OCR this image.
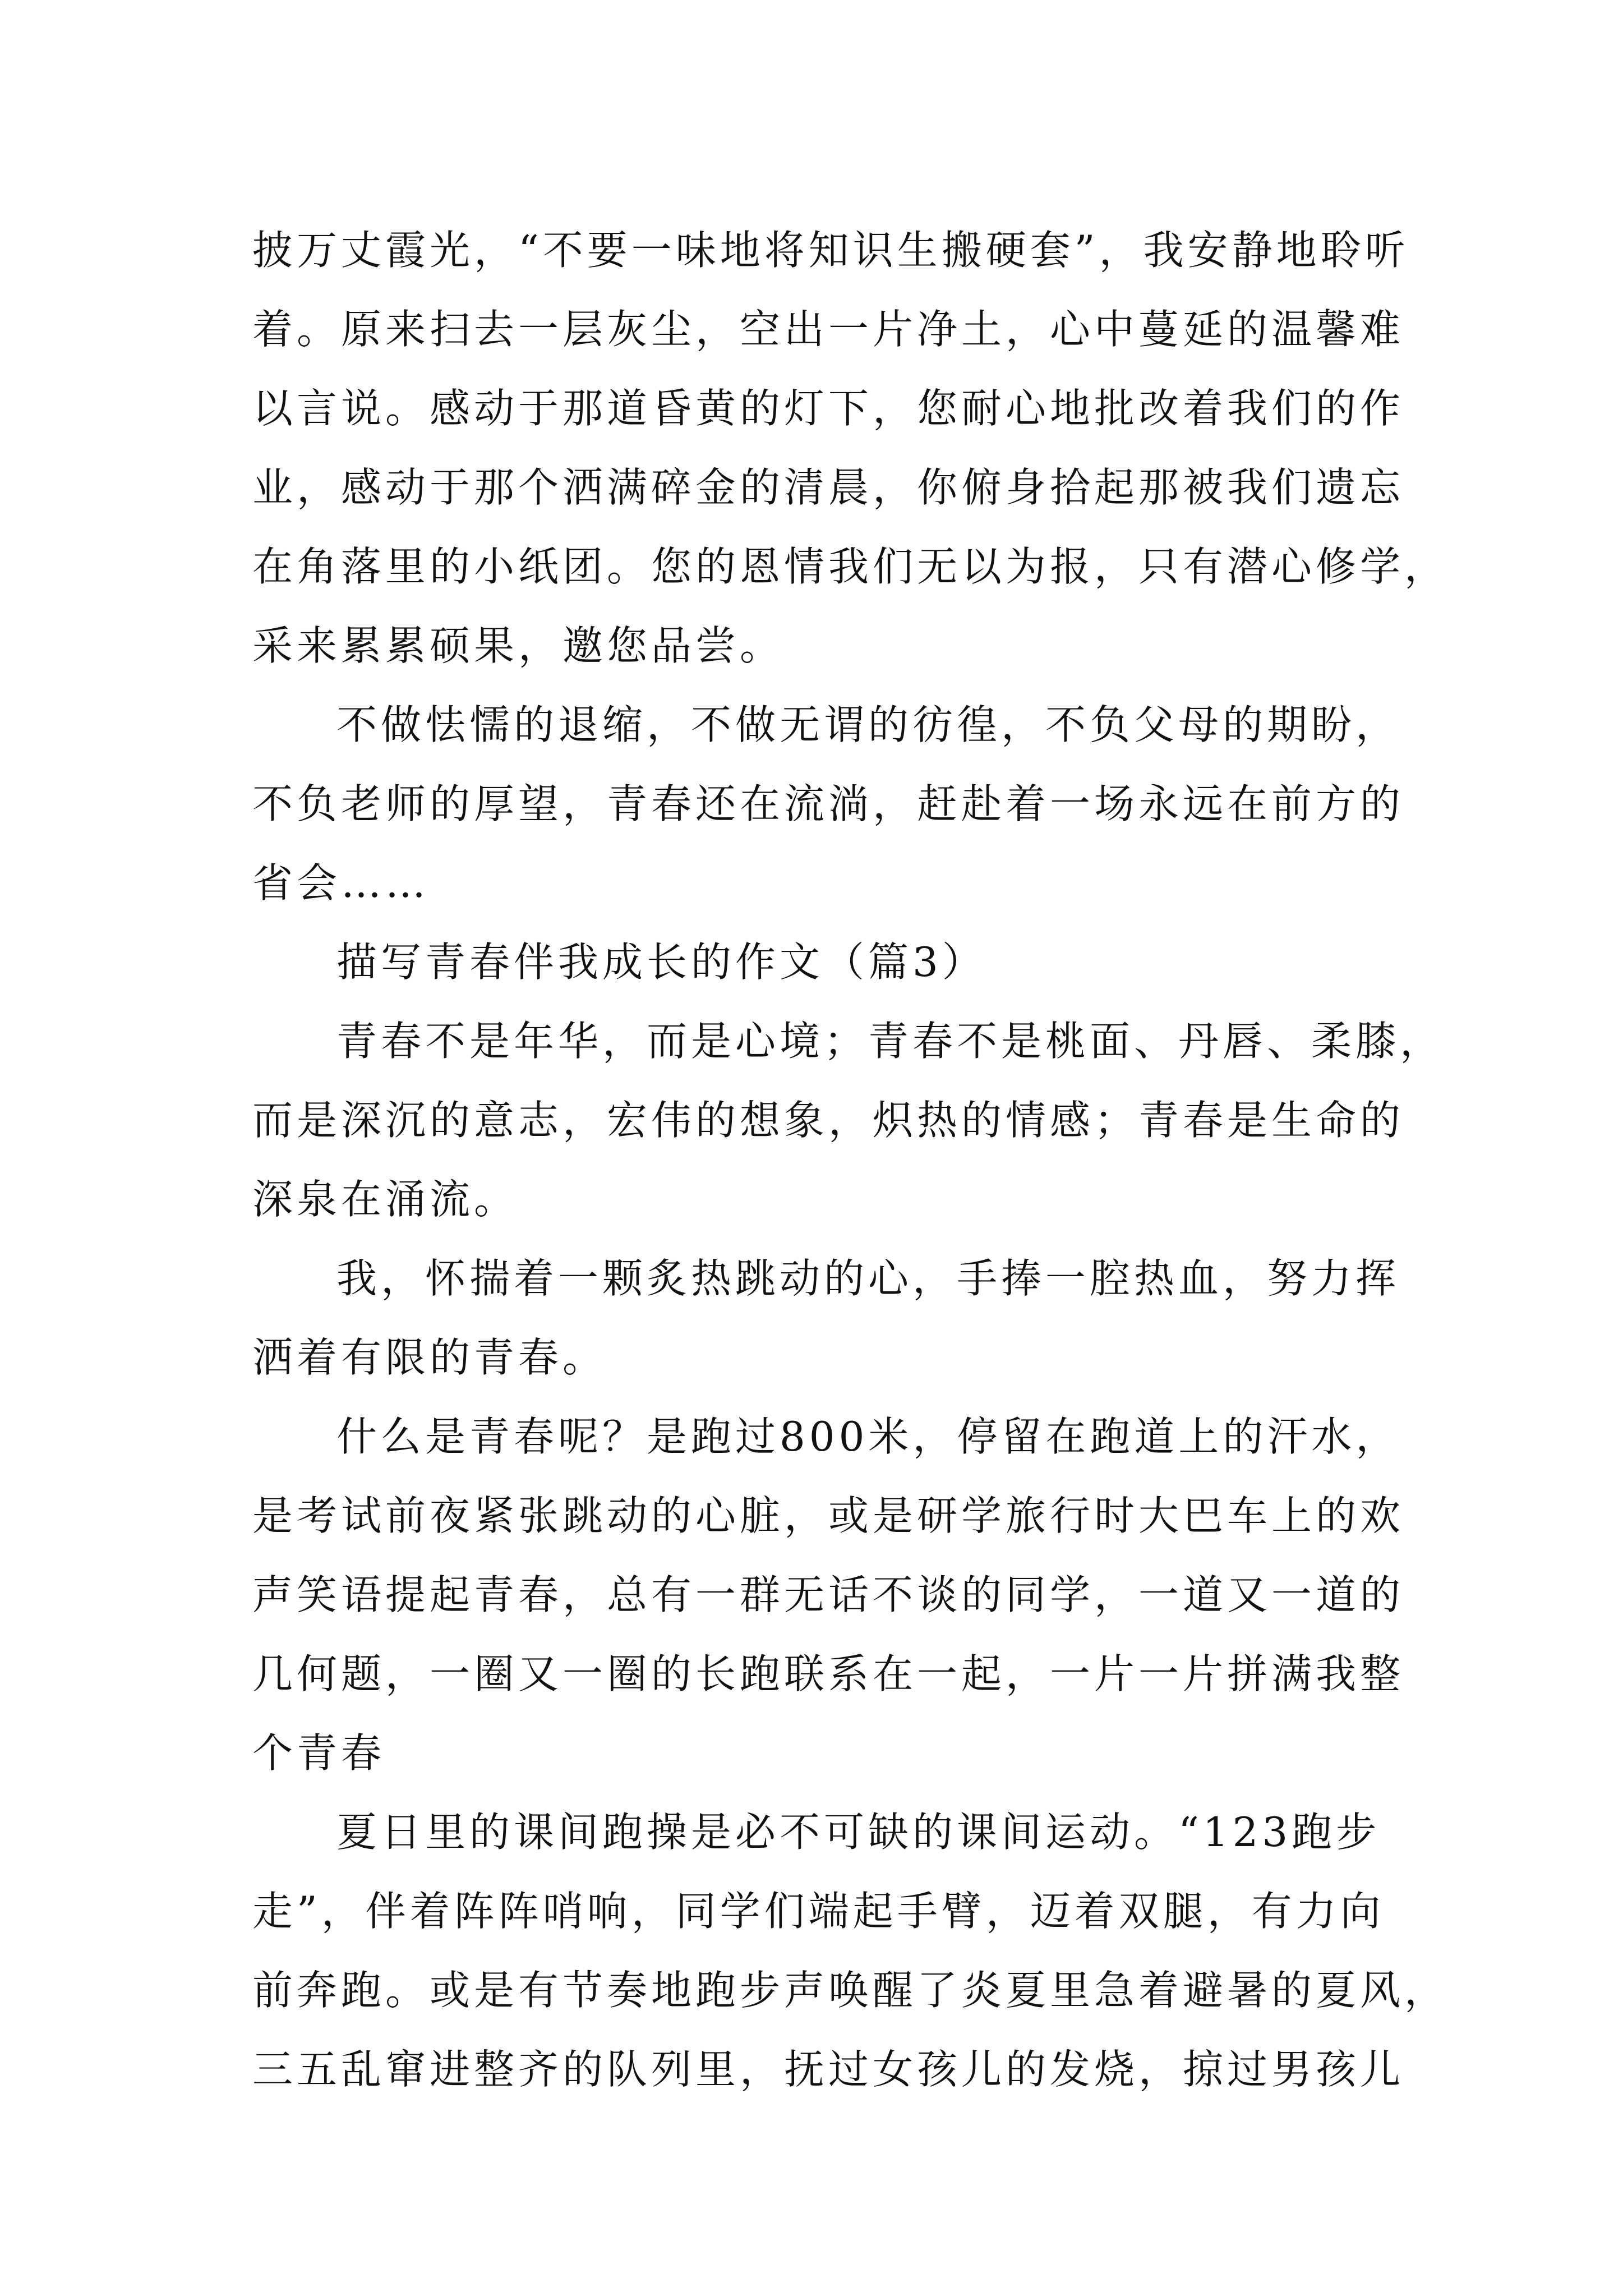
披万丈霞光，“不要一味地将知识生搬硬套”，我安静地聆听
着。原来扫去一层灰尘，空出一片净土，心中蔓延的温馨难
以言说。感动于那道昏黄的灯下，您耐心地批改着我们的作
业，感动于那个洒满碎金的清晨，你俯身拾起那被我们遗忘
在角落里的小纸团。您的恩情我们无以为报，只有潜心修学，
采来累累硕果，邀您品尝。
不做怯懦的退缩，不做无谓的彷徨，不负父母的期盼，
不负老师的厚望，青春还在流淌，赶赴着一场永远在前方的
省会……
描写青春伴我成长的作文（篇3）
青春不是年华，而是心境；青春不是桃面、丹唇、柔膝，
而是深沉的意志，宏伟的想象，炽热的情感；青春是生命的
深泉在涌流。
我，怀揣着一颗炙热跳动的心，手捧一腔热血，努力挥
洒着有限的青春。
什么是青春呢？是跑过800米，停留在跑道上的汗水，
是考试前夜紧张跳动的心脏，或是研学旅行时大巴车上的欢
声笑语提起青春，总有一群无话不谈的同学，一道又一道的
几何题，一圈又一圈的长跑联系在一起，一片一片拼满我整
个青春
夏日里的课间跑操是必不可缺的课间运动。“123跑步
走”，伴着阵阵哨响，同学们端起手臂，迈着双腿，有力向
前奔跑。或是有节奏地跑步声唤醒了炎夏里急着避暑的夏风，
三五乱窜进整齐的队列里，抚过女孩儿的发烧，掠过男孩儿
